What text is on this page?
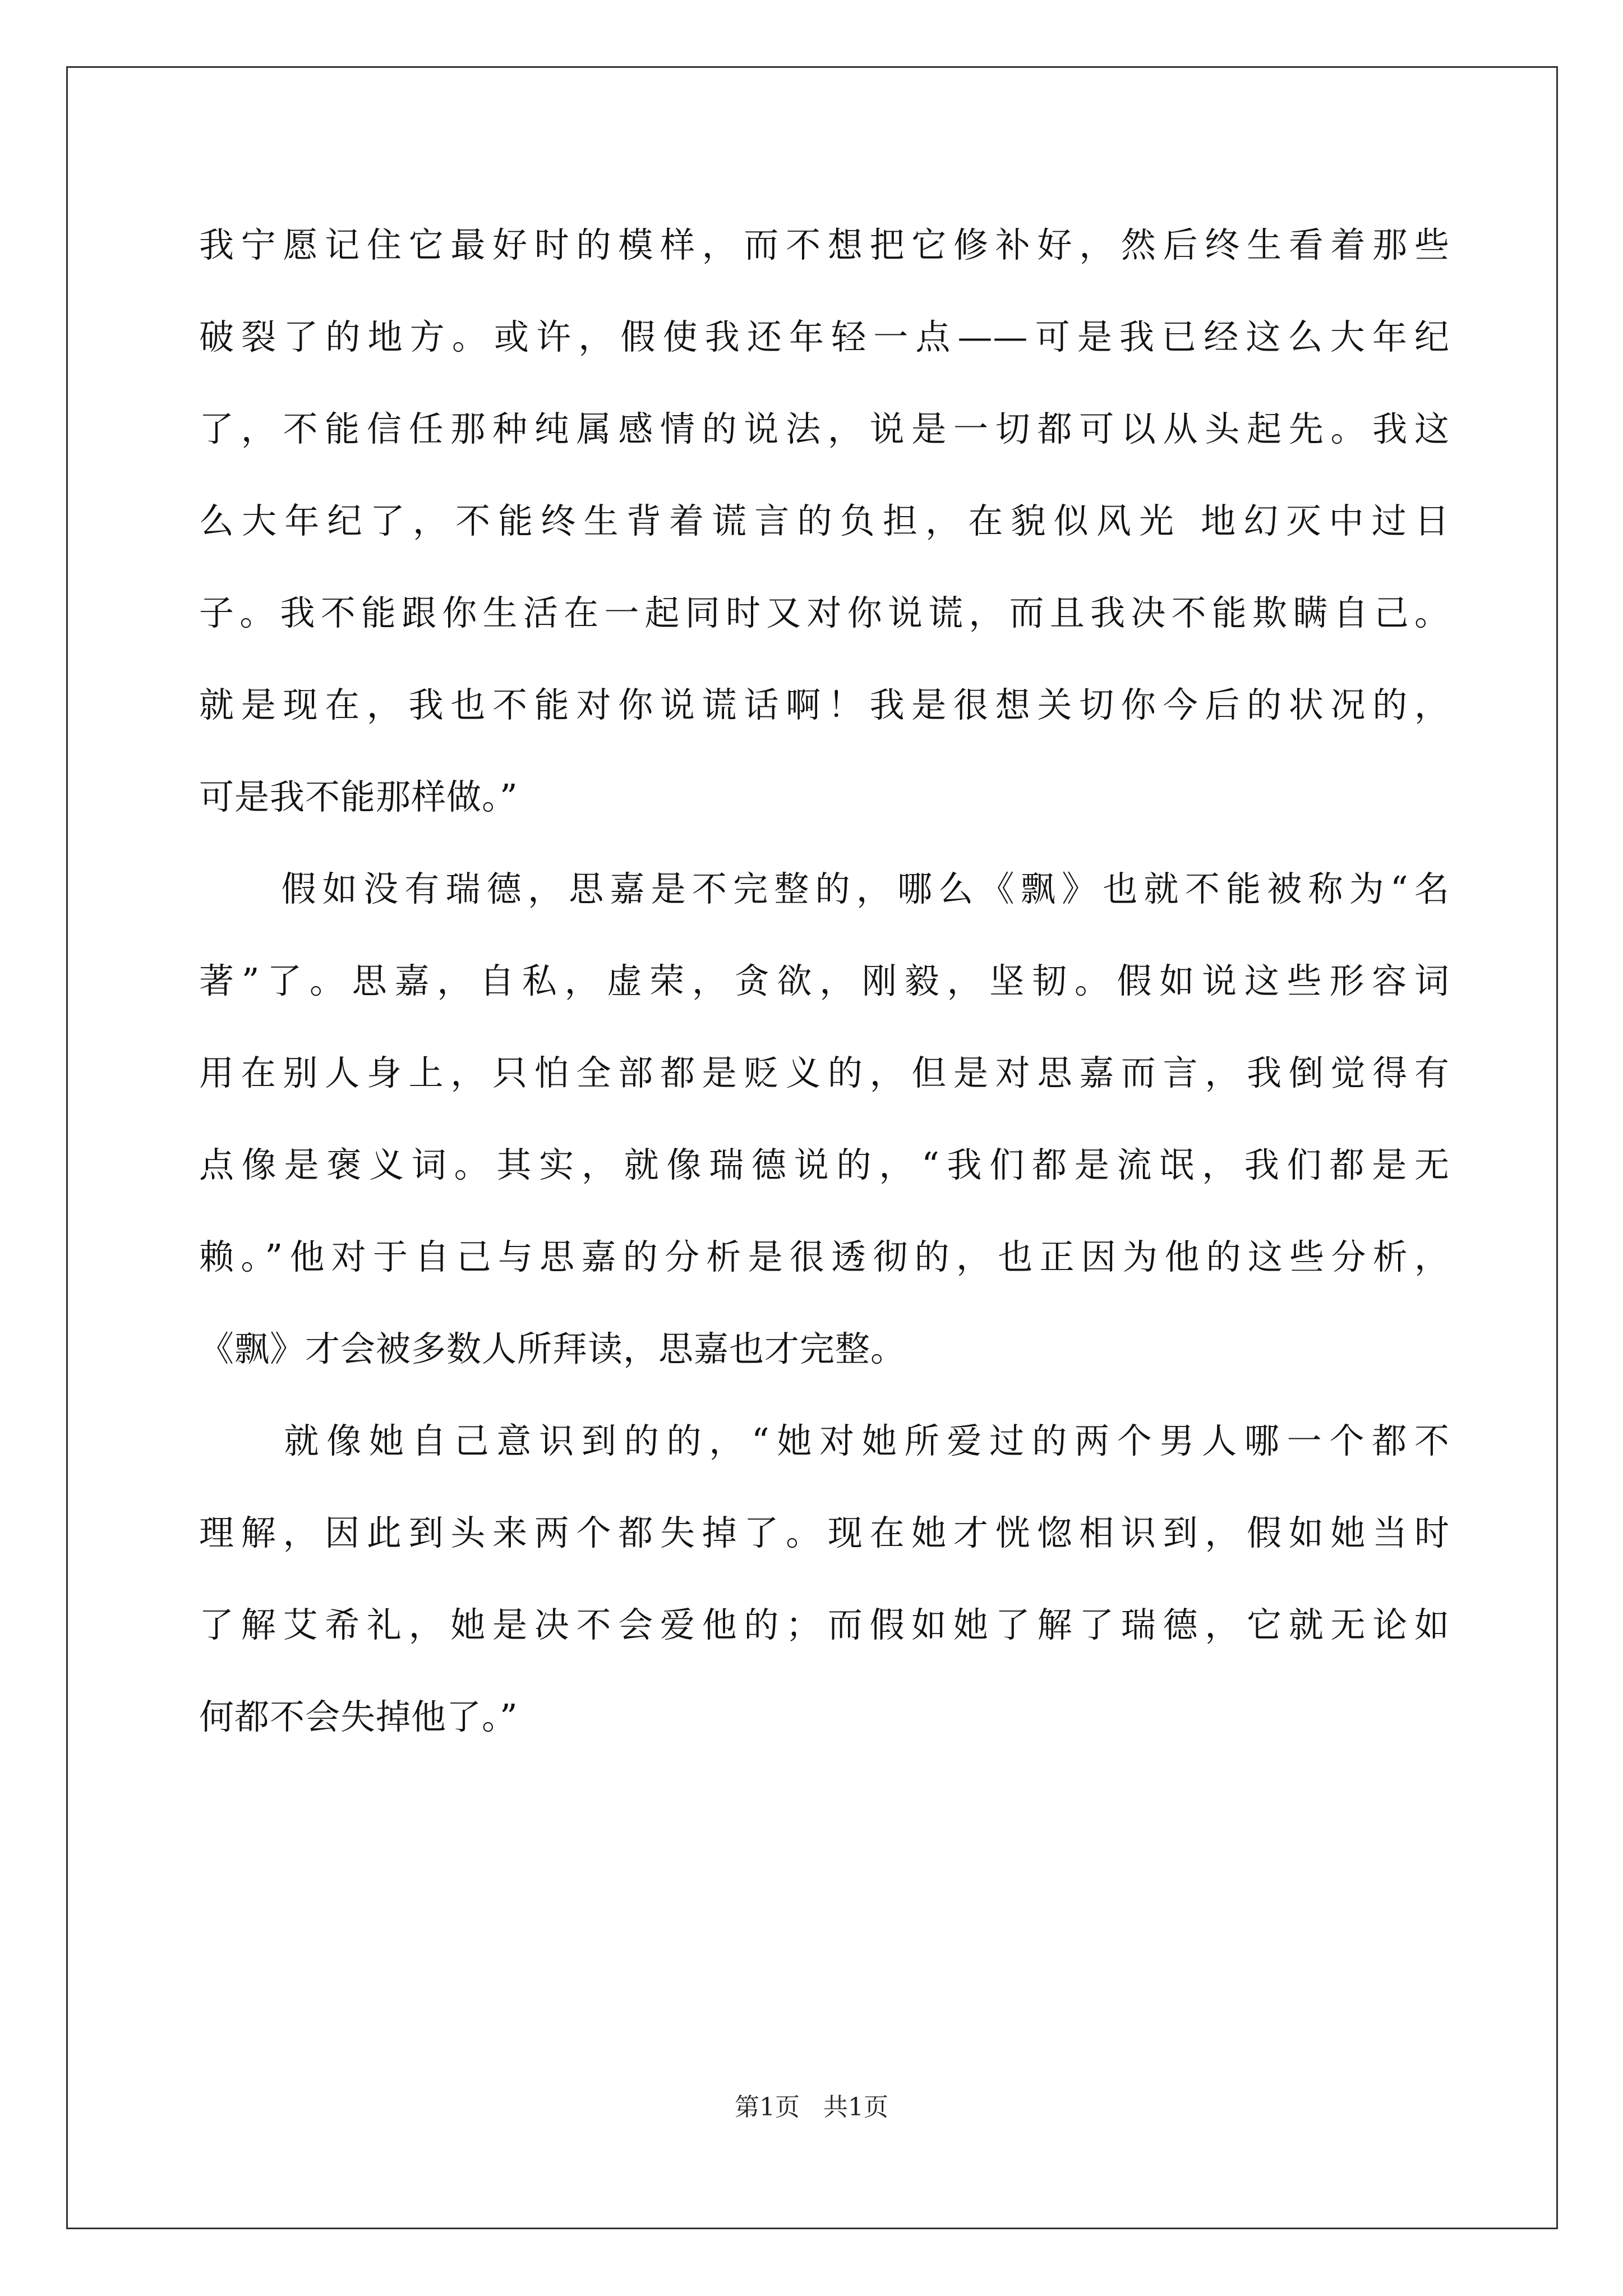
我宁愿记住它最好时的模样，而不想把它修补好，然后终生看着那些
破裂了的地方。或许，假使我还年轻一点——可是我已经这么大年纪
了，不能信任那种纯属感情的说法，说是一切都可以从头起先。我这
么大年纪了，不能终生背着谎言的负担，在貌似风光 地幻灭中过日
子。我不能跟你生活在一起同时又对你说谎，而且我决不能欺瞒自己。
就是现在，我也不能对你说谎话啊！我是很想关切你今后的状况的，
可是我不能那样做。”
　　假如没有瑞德，思嘉是不完整的，哪么《飘》也就不能被称为“名
著”了。思嘉，自私，虚荣，贪欲，刚毅，坚韧。假如说这些形容词
用在别人身上，只怕全部都是贬义的，但是对思嘉而言，我倒觉得有
点像是褒义词。其实，就像瑞德说的，“我们都是流氓，我们都是无
赖。”他对于自己与思嘉的分析是很透彻的，也正因为他的这些分析，
《飘》才会被多数人所拜读，思嘉也才完整。
　　就像她自己意识到的的，“她对她所爱过的两个男人哪一个都不
理解，因此到头来两个都失掉了。现在她才恍惚相识到，假如她当时
了解艾希礼，她是决不会爱他的；而假如她了解了瑞德，它就无论如
何都不会失掉他了。”
第1页 共1页
